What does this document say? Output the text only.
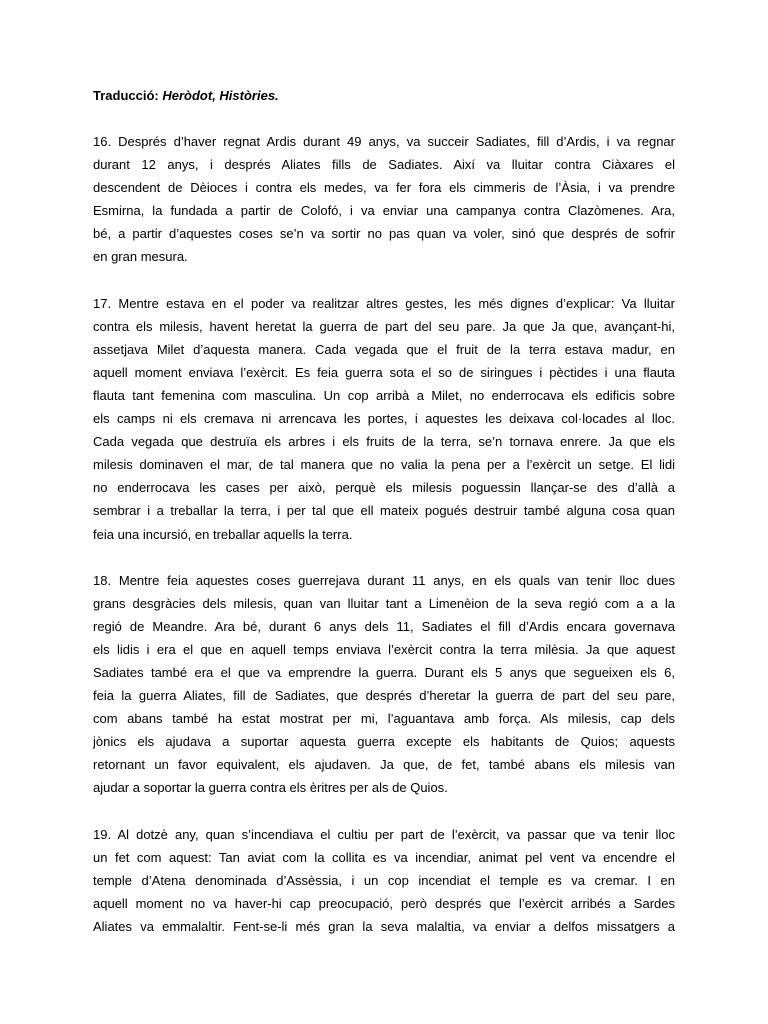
Traducció: Heròdot, Històries.
16. Després d’haver regnat Ardis durant 49 anys, va succeir Sadiates, fill d’Ardis, i va regnar
durant 12 anys, i després Aliates fills de Sadiates. Així va lluitar contra Ciàxares el
descendent de Dèioces i contra els medes, va fer fora els cimmeris de l’Àsia, i va prendre
Esmirna, la fundada a partir de Colofó, i va enviar una campanya contra Clazòmenes. Ara,
bé, a partir d’aquestes coses se’n va sortir no pas quan va voler, sinó que després de sofrir
en gran mesura.
17. Mentre estava en el poder va realitzar altres gestes, les més dignes d’explicar: Va lluitar
contra els milesis, havent heretat la guerra de part del seu pare. Ja que Ja que, avançant-hi,
assetjava Milet d’aquesta manera. Cada vegada que el fruit de la terra estava madur, en
aquell moment enviava l’exèrcit. Es feia guerra sota el so de siringues i pèctides i una flauta
flauta tant femenina com masculina. Un cop arribà a Milet, no enderrocava els edificis sobre
els camps ni els cremava ni arrencava les portes, i aquestes les deixava col·locades al lloc.
Cada vegada que destruïa els arbres i els fruits de la terra, se’n tornava enrere. Ja que els
milesis dominaven el mar, de tal manera que no valia la pena per a l’exèrcit un setge. El lidi
no enderrocava les cases per això, perquè els milesis poguessin llançar-se des d’allà a
sembrar i a treballar la terra, i per tal que ell mateix pogués destruir també alguna cosa quan
feia una incursió, en treballar aquells la terra.
18. Mentre feia aquestes coses guerrejava durant 11 anys, en els quals van tenir lloc dues
grans desgràcies dels milesis, quan van lluitar tant a Limenèion de la seva regió com a a la
regió de Meandre. Ara bé, durant 6 anys dels 11, Sadiates el fill d’Ardis encara governava
els lidis i era el que en aquell temps enviava l’exèrcit contra la terra milèsia. Ja que aquest
Sadiates també era el que va emprendre la guerra. Durant els 5 anys que segueixen els 6,
feia la guerra Aliates, fill de Sadiates, que després d’heretar la guerra de part del seu pare,
com abans també ha estat mostrat per mi, l’aguantava amb força. Als milesis, cap dels
jònics els ajudava a suportar aquesta guerra excepte els habitants de Quios; aquests
retornant un favor equivalent, els ajudaven. Ja que, de fet, també abans els milesis van
ajudar a soportar la guerra contra els èritres per als de Quios.
19. Al dotzè any, quan s’incendiava el cultiu per part de l’exèrcit, va passar que va tenir lloc
un fet com aquest: Tan aviat com la collita es va incendiar, animat pel vent va encendre el
temple d’Atena denominada d’Assèssia, i un cop incendiat el temple es va cremar. I en
aquell moment no va haver-hi cap preocupació, però després que l’exèrcit arribés a Sardes
Aliates va emmalaltir. Fent-se-li més gran la seva malaltia, va enviar a delfos missatgers a
